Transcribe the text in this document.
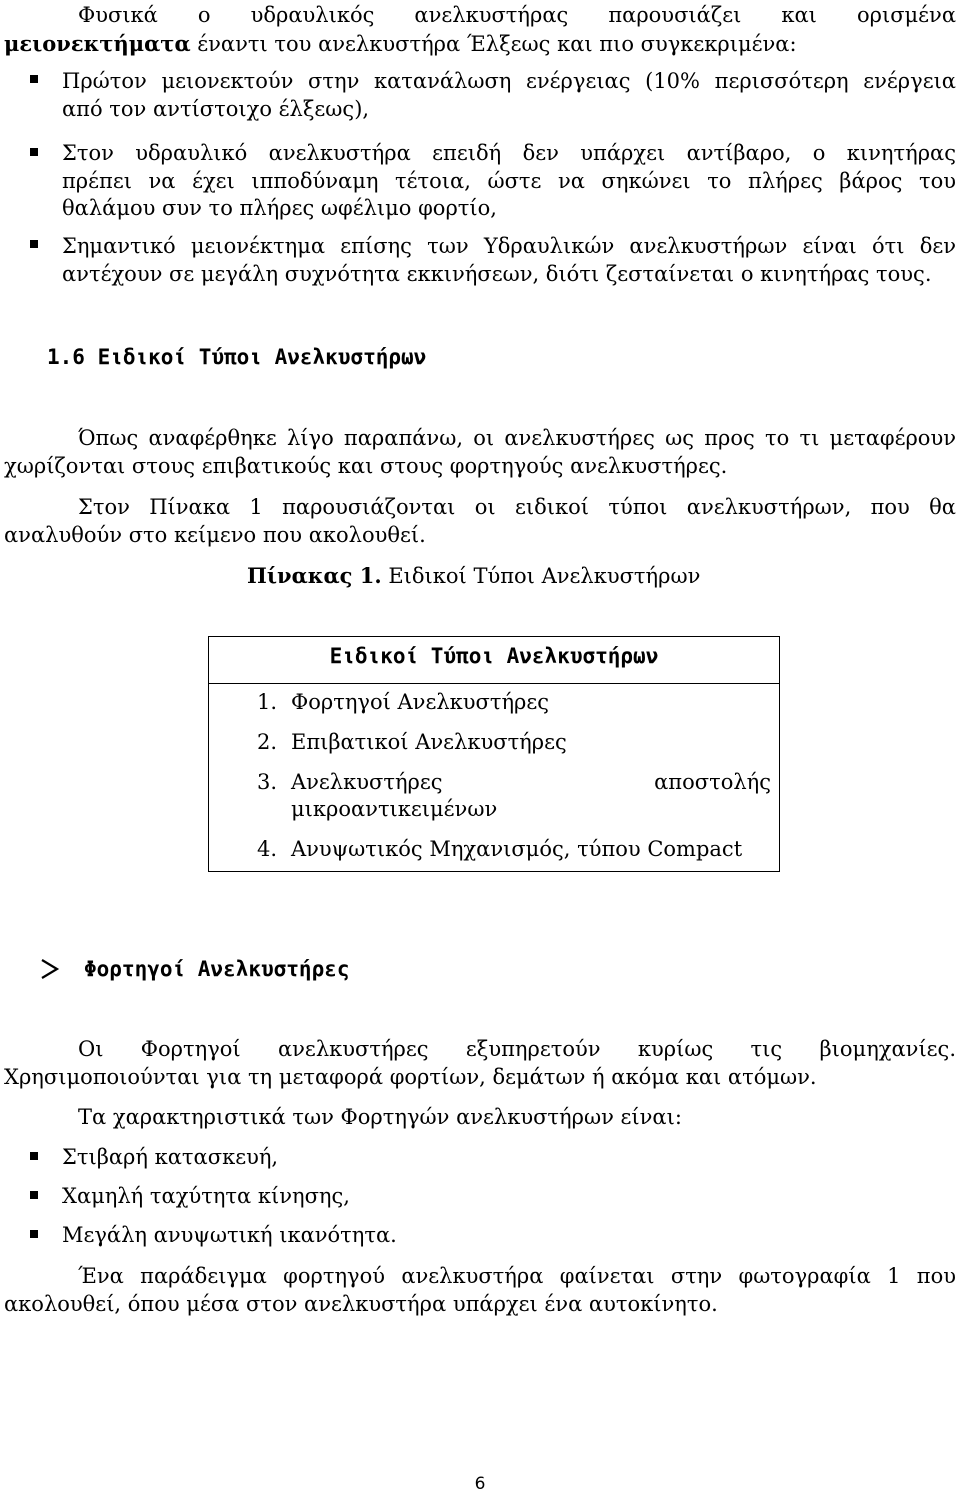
Φυσικά ο υδραυλικός ανελκυστήρας παρουσιάζει και ορισμένα
μειονεκτήματα έναντι του ανελκυστήρα Έλξεως και πιο συγκεκριμένα:
Πρώτον μειονεκτούν στην κατανάλωση ενέργειας (10% περισσότερη ενέργεια
από τον αντίστοιχο έλξεως),
Στον υδραυλικό ανελκυστήρα επειδή δεν υπάρχει αντίβαρο, ο κινητήρας
πρέπει να έχει ιπποδύναμη τέτοια, ώστε να σηκώνει το πλήρες βάρος του
θαλάμου συν το πλήρες ωφέλιμο φορτίο,
Σημαντικό μειονέκτημα επίσης των Υδραυλικών ανελκυστήρων είναι ότι δεν
αντέχουν σε μεγάλη συχνότητα εκκινήσεων, διότι ζεσταίνεται ο κινητήρας τους.
1.6 Ειδικοί Τύποι Ανελκυστήρων
Όπως αναφέρθηκε λίγο παραπάνω, οι ανελκυστήρες ως προς το τι μεταφέρουν
χωρίζονται στους επιβατικούς και στους φορτηγούς ανελκυστήρες.
Στον Πίνακα 1 παρουσιάζονται οι ειδικοί τύποι ανελκυστήρων, που θα
αναλυθούν στο κείμενο που ακολουθεί.
Πίνακας 1. Ειδικοί Τύποι Ανελκυστήρων
Ειδικοί Τύποι Ανελκυστήρων
1. Φορτηγοί Ανελκυστήρες
2. Επιβατικοί Ανελκυστήρες
3. Ανελκυστήρες αποστολής
μικροαντικειμένων
4. Ανυψωτικός Μηχανισμός, τύπου Compact
Φορτηγοί Ανελκυστήρες
Οι Φορτηγοί ανελκυστήρες εξυπηρετούν κυρίως τις βιομηχανίες.
Χρησιμοποιούνται για τη μεταφορά φορτίων, δεμάτων ή ακόμα και ατόμων.
Τα χαρακτηριστικά των Φορτηγών ανελκυστήρων είναι:
Στιβαρή κατασκευή,
Χαμηλή ταχύτητα κίνησης,
Μεγάλη ανυψωτική ικανότητα.
Ένα παράδειγμα φορτηγού ανελκυστήρα φαίνεται στην φωτογραφία 1 που
ακολουθεί, όπου μέσα στον ανελκυστήρα υπάρχει ένα αυτοκίνητο.
6
